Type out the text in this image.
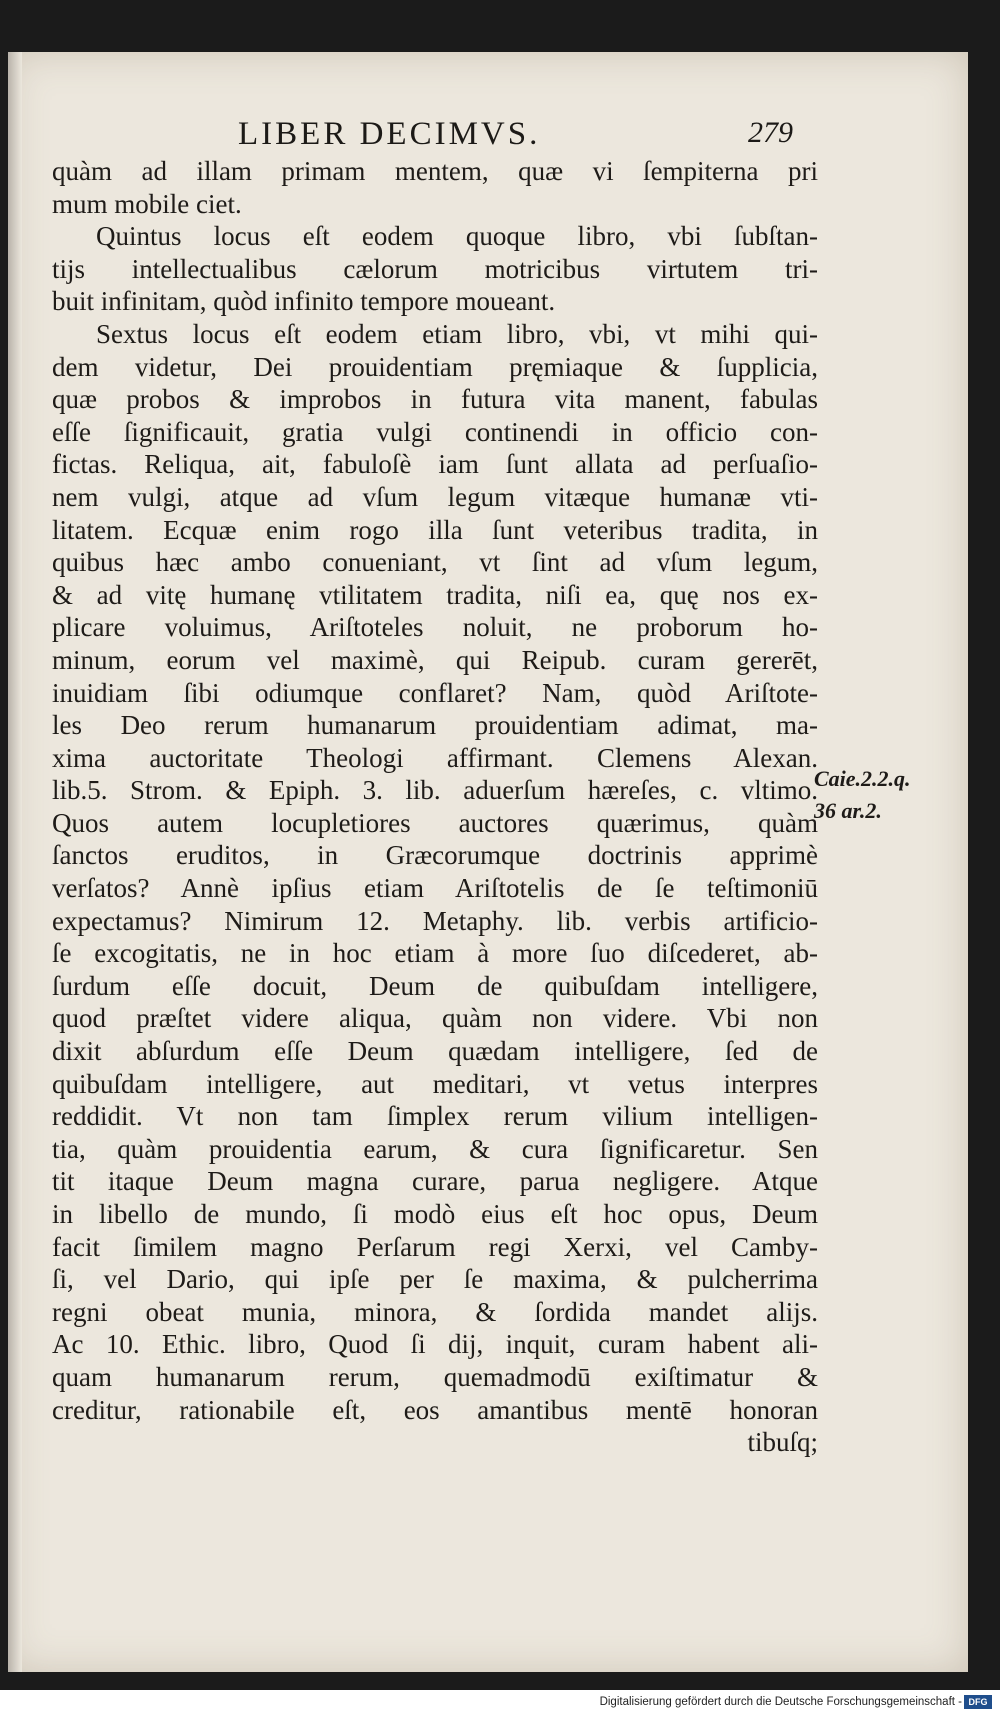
LIBER DECIMVS.	279
quàm ad illam primam mentem, quæ vi ſempiterna pri
mum mobile ciet.
Quintus locus eſt eodem quoque libro, vbi ſubſtan-
tijs intellectualibus cælorum motricibus virtutem tri-
buit infinitam, quòd infinito tempore moueant.
Sextus locus eſt eodem etiam libro, vbi, vt mihi qui-
dem videtur, Dei prouidentiam pręmiaque & ſupplicia,
quæ probos & improbos in futura vita manent, fabulas
eſſe ſignificauit, gratia vulgi continendi in officio con-
fictas. Reliqua, ait, fabuloſè iam ſunt allata ad perſuaſio-
nem vulgi, atque ad vſum legum vitæque humanæ vti-
litatem. Ecquæ enim rogo illa ſunt veteribus tradita, in
quibus hæc ambo conueniant, vt ſint ad vſum legum,
& ad vitę humanę vtilitatem tradita, niſi ea, quę nos ex-
plicare voluimus, Ariſtoteles noluit, ne proborum ho-
minum, eorum vel maximè, qui Reipub. curam gererēt,
inuidiam ſibi odiumque conflaret? Nam, quòd Ariſtote-
les Deo rerum humanarum prouidentiam adimat, ma-
xima auctoritate Theologi affirmant. Clemens Alexan.
lib.5. Strom. & Epiph. 3. lib. aduerſum hæreſes, c. vltimo.
Quos autem locupletiores auctores quærimus, quàm
ſanctos eruditos, in Græcorumque doctrinis apprimè
verſatos? Annè ipſius etiam Ariſtotelis de ſe teſtimoniū
expectamus? Nimirum 12. Metaphy. lib. verbis artificio-
ſe excogitatis, ne in hoc etiam à more ſuo diſcederet, ab-
ſurdum eſſe docuit, Deum de quibuſdam intelligere,
quod præſtet videre aliqua, quàm non videre. Vbi non
dixit abſurdum eſſe Deum quædam intelligere, ſed de
quibuſdam intelligere, aut meditari, vt vetus interpres
reddidit. Vt non tam ſimplex rerum vilium intelligen-
tia, quàm prouidentia earum, & cura ſignificaretur. Sen
tit itaque Deum magna curare, parua negligere. Atque
in libello de mundo, ſi modò eius eſt hoc opus, Deum
facit ſimilem magno Perſarum regi Xerxi, vel Camby-
ſi, vel Dario, qui ipſe per ſe maxima, & pulcherrima
regni obeat munia, minora, & ſordida mandet alijs.
Ac 10. Ethic. libro, Quod ſi dij, inquit, curam habent ali-
quam humanarum rerum, quemadmodū exiſtimatur &
creditur, rationabile eſt, eos amantibus mentē honoran
tibuſq;
Caie.2.2.q.
36 ar.2.
Digitalisierung gefördert durch die Deutsche Forschungsgemeinschaft - DFG
